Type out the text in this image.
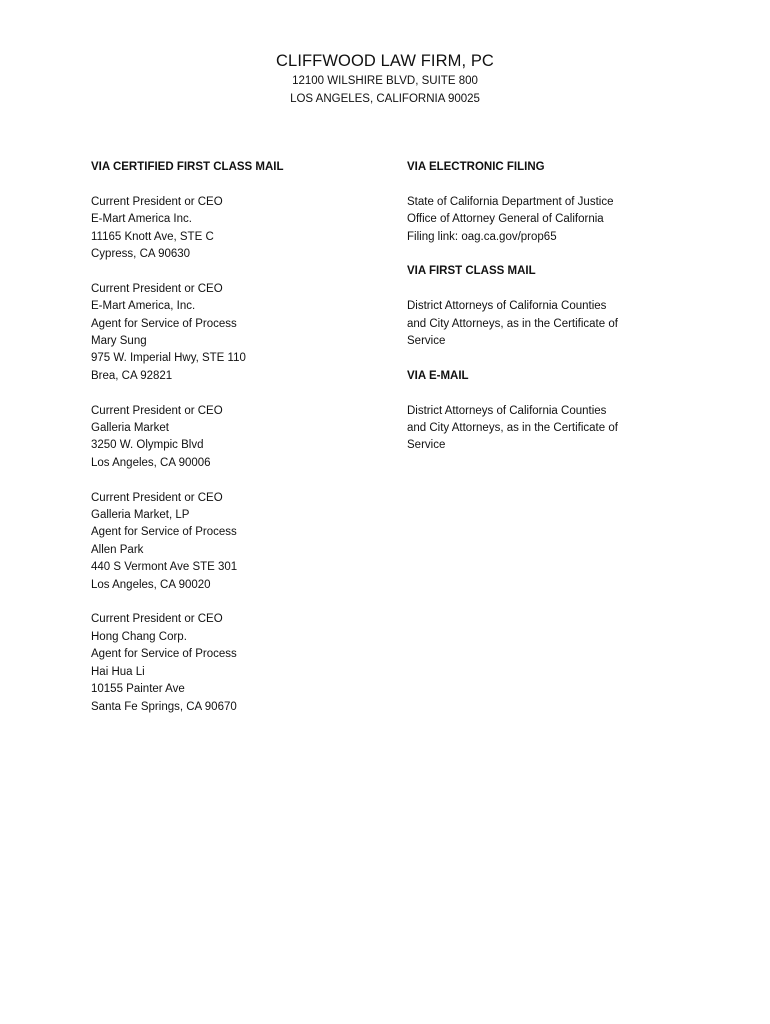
CLIFFWOOD LAW FIRM, PC

12100 WILSHIRE BLVD, SUITE 800

LOS ANGELES, CALIFORNIA 90025

VIA CERTIFIED FIRST CLASS MAIL

Current President or CEO
E-Mart America Inc.
11165 Knott Ave, STE C
Cypress, CA 90630
Current President or CEO
E-Mart America, Inc.
Agent for Service of Process
Mary Sung
975 W. Imperial Hwy, STE 110
Brea, CA 92821
Current President or CEO
Galleria Market
3250 W. Olympic Blvd
Los Angeles, CA 90006
Current President or CEO
Galleria Market, LP
Agent for Service of Process
Allen Park
440 S Vermont Ave STE 301
Los Angeles, CA 90020
Current President or CEO
Hong Chang Corp.
Agent for Service of Process
Hai Hua Li
10155 Painter Ave
Santa Fe Springs, CA 90670

VIA ELECTRONIC FILING

State of California Department of Justice
Office of Attorney General of California
Filing link: oag.ca.gov/prop65

VIA FIRST CLASS MAIL

District Attorneys of California Counties
and City Attorneys, as in the Certificate of
Service

VIA E-MAIL

District Attorneys of California Counties
and City Attorneys, as in the Certificate of
Service
